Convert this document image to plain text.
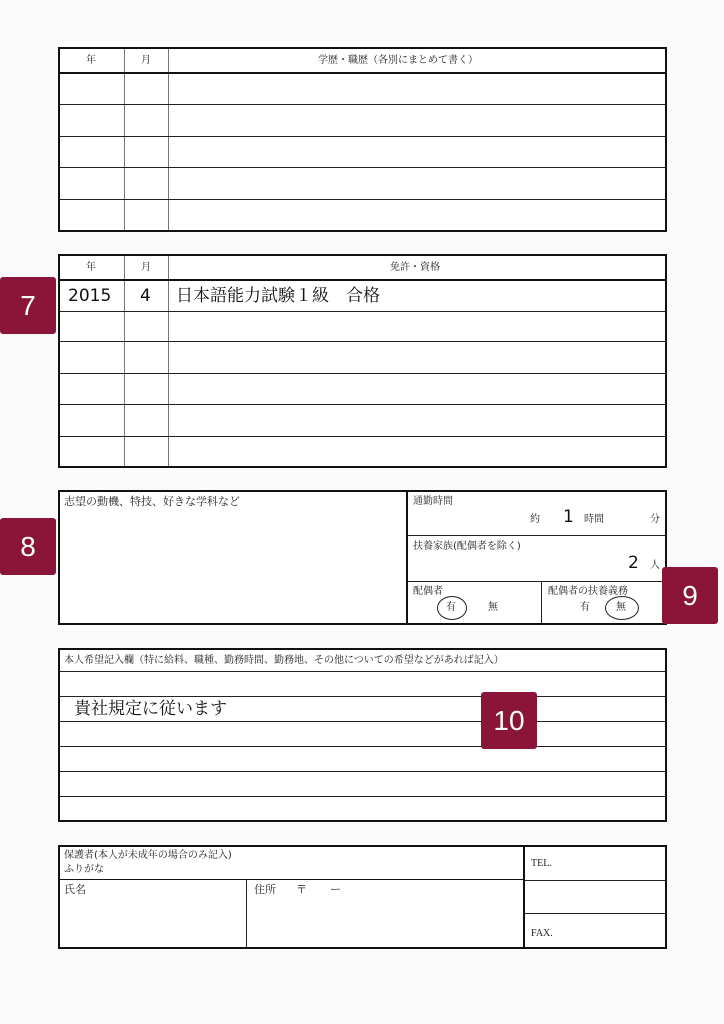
年	月	学歴・職歴（各別にまとめて書く）
年	月	免許・資格
2015 4 日本語能力試験１級　合格
志望の動機、特技、好きな学科など	通勤時間
約 1 時間	分
扶養家族(配偶者を除く)
2 人
配偶者
有	無
配偶者の扶養義務
有	無
本人希望記入欄（特に給料、職種、勤務時間、勤務地、その他についての希望などがあれば記入）
貴社規定に従います
保護者(本人が未成年の場合のみ記入)
ふりがな
氏名	住所 〒 ー
TEL.
FAX.
7
8
9
10
